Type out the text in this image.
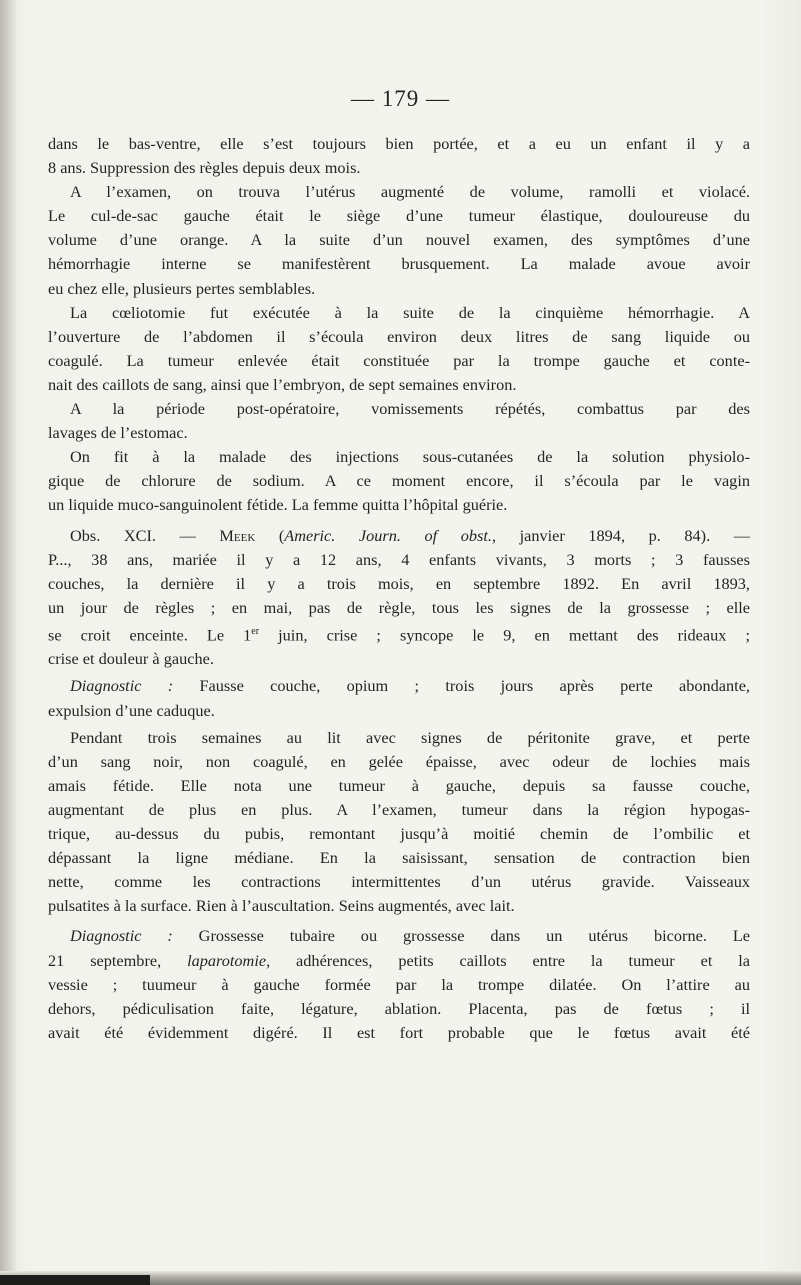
— 179 —
dans le bas-ventre, elle s’est toujours bien portée, et a eu un enfant il y a
8 ans. Suppression des règles depuis deux mois.
A l’examen, on trouva l’utérus augmenté de volume, ramolli et violacé.
Le cul-de-sac gauche était le siège d’une tumeur élastique, douloureuse du
volume d’une orange. A la suite d’un nouvel examen, des symptômes d’une
hémorrhagie interne se manifestèrent brusquement. La malade avoue avoir
eu chez elle, plusieurs pertes semblables.
La cœliotomie fut exécutée à la suite de la cinquième hémorrhagie. A
l’ouverture de l’abdomen il s’écoula environ deux litres de sang liquide ou
coagulé. La tumeur enlevée était constituée par la trompe gauche et conte-
nait des caillots de sang, ainsi que l’embryon, de sept semaines environ.
A la période post-opératoire, vomissements répétés, combattus par des
lavages de l’estomac.
On fit à la malade des injections sous-cutanées de la solution physiolo-
gique de chlorure de sodium. A ce moment encore, il s’écoula par le vagin
un liquide muco-sanguinolent fétide. La femme quitta l’hôpital guérie.
Obs. XCI. — Meek (Americ. Journ. of obst., janvier 1894, p. 84). —
P..., 38 ans, mariée il y a 12 ans, 4 enfants vivants, 3 morts ; 3 fausses
couches, la dernière il y a trois mois, en septembre 1892. En avril 1893,
un jour de règles ; en mai, pas de règle, tous les signes de la grossesse ; elle
se croit enceinte. Le 1er juin, crise ; syncope le 9, en mettant des rideaux ;
crise et douleur à gauche.
Diagnostic : Fausse couche, opium ; trois jours après perte abondante,
expulsion d’une caduque.
Pendant trois semaines au lit avec signes de péritonite grave, et perte
d’un sang noir, non coagulé, en gelée épaisse, avec odeur de lochies mais
amais fétide. Elle nota une tumeur à gauche, depuis sa fausse couche,
augmentant de plus en plus. A l’examen, tumeur dans la région hypogas-
trique, au-dessus du pubis, remontant jusqu’à moitié chemin de l’ombilic et
dépassant la ligne médiane. En la saisissant, sensation de contraction bien
nette, comme les contractions intermittentes d’un utérus gravide. Vaisseaux
pulsatites à la surface. Rien à l’auscultation. Seins augmentés, avec lait.
Diagnostic : Grossesse tubaire ou grossesse dans un utérus bicorne. Le
21 septembre, laparotomie, adhérences, petits caillots entre la tumeur et la
vessie ; tuumeur à gauche formée par la trompe dilatée. On l’attire au
dehors, pédiculisation faite, légature, ablation. Placenta, pas de fœtus ; il
avait été évidemment digéré. Il est fort probable que le fœtus avait été
